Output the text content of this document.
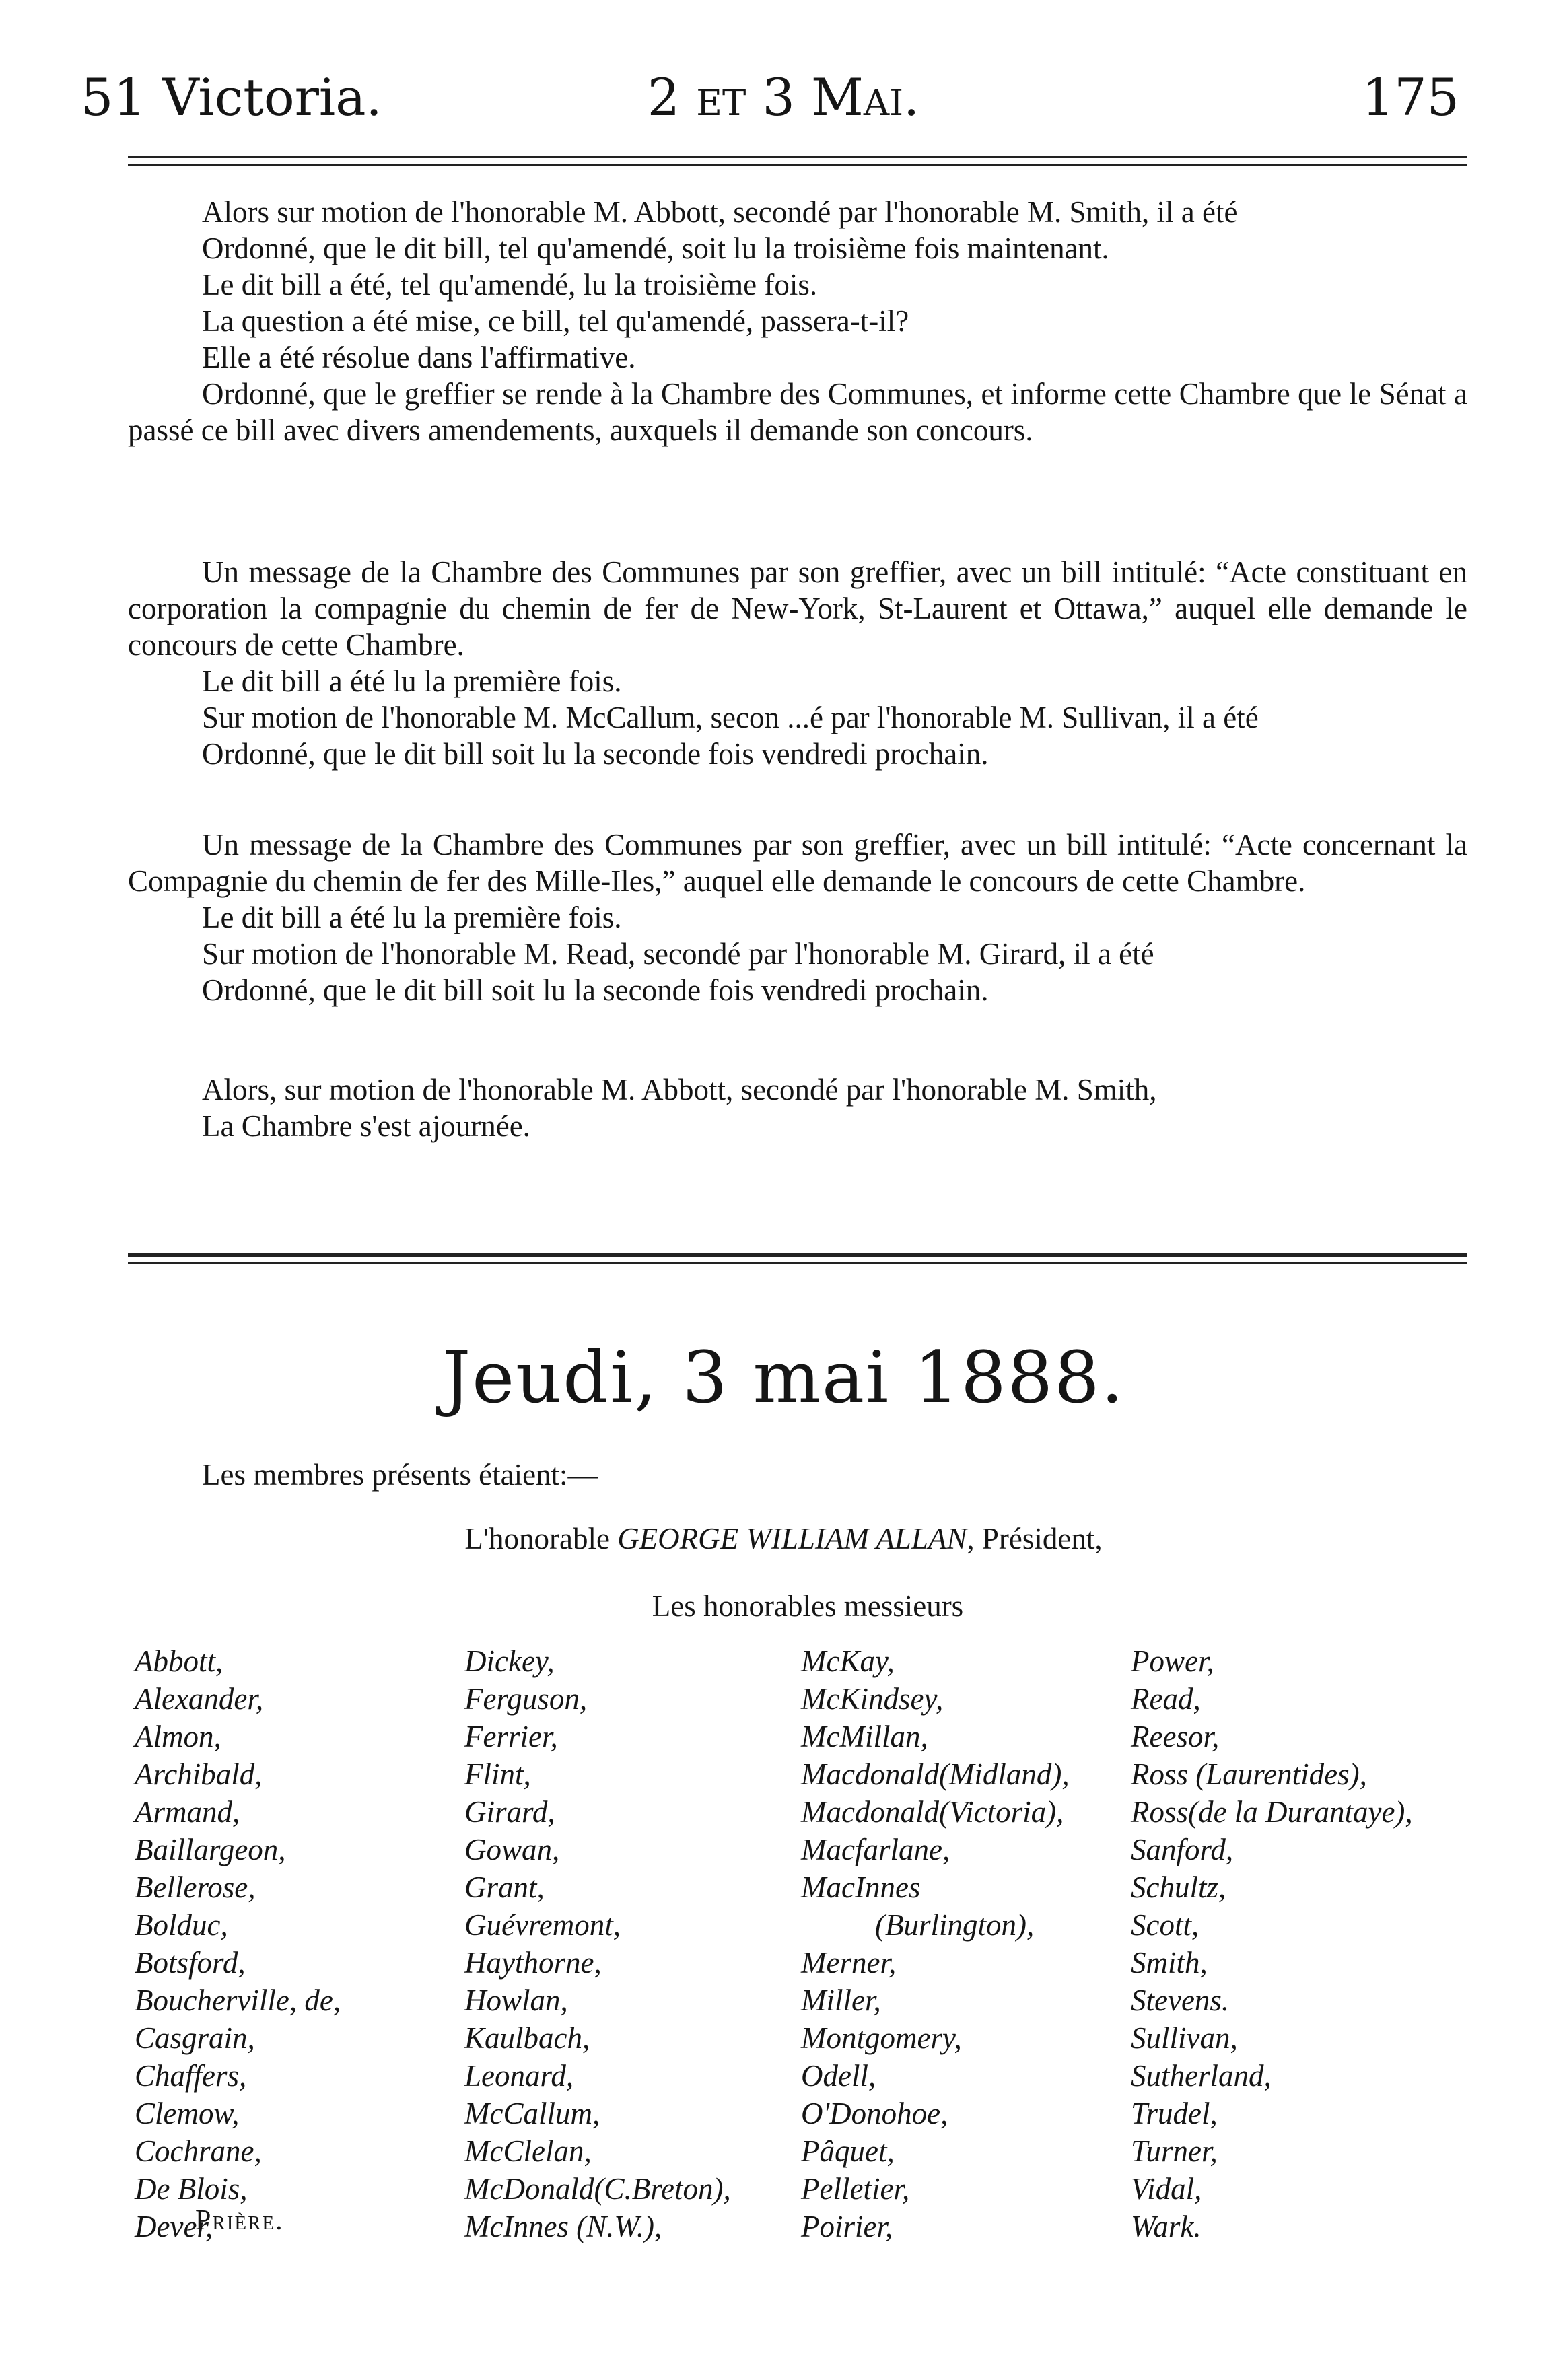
51 Victoria.	2 et 3 Mai.	175

Alors sur motion de l'honorable M. Abbott, secondé par l'honorable M. Smith, il a été

Ordonné, que le dit bill, tel qu'amendé, soit lu la troisième fois maintenant.

Le dit bill a été, tel qu'amendé, lu la troisième fois.

La question a été mise, ce bill, tel qu'amendé, passera-t-il?

Elle a été résolue dans l'affirmative.

Ordonné, que le greffier se rende à la Chambre des Communes, et informe cette Chambre que le Sénat a passé ce bill avec divers amendements, auxquels il demande son concours.

Un message de la Chambre des Communes par son greffier, avec un bill intitulé: “Acte constituant en corporation la compagnie du chemin de fer de New-York, St-Laurent et Ottawa,” auquel elle demande le concours de cette Chambre.

Le dit bill a été lu la première fois.

Sur motion de l'honorable M. McCallum, secon ...é par l'honorable M. Sullivan, il a été

Ordonné, que le dit bill soit lu la seconde fois vendredi prochain.

Un message de la Chambre des Communes par son greffier, avec un bill intitulé: “Acte concernant la Compagnie du chemin de fer des Mille-Iles,” auquel elle demande le concours de cette Chambre.

Le dit bill a été lu la première fois.

Sur motion de l'honorable M. Read, secondé par l'honorable M. Girard, il a été

Ordonné, que le dit bill soit lu la seconde fois vendredi prochain.

Alors, sur motion de l'honorable M. Abbott, secondé par l'honorable M. Smith,

La Chambre s'est ajournée.

Jeudi, 3 mai 1888.
Les membres présents étaient:—
L'honorable GEORGE WILLIAM ALLAN, Président,
Les honorables messieurs
Abbott,
Alexander,
Almon,
Archibald,
Armand,
Baillargeon,
Bellerose,
Bolduc,
Botsford,
Boucherville, de,
Casgrain,
Chaffers,
Clemow,
Cochrane,
De Blois,
Dever,
Dickey,
Ferguson,
Ferrier,
Flint,
Girard,
Gowan,
Grant,
Guévremont,
Haythorne,
Howlan,
Kaulbach,
Leonard,
McCallum,
McClelan,
McDonald(C.Breton),
McInnes (N.W.),
McKay,
McKindsey,
McMillan,
Macdonald(Midland),
Macdonald(Victoria),
Macfarlane,
MacInnes
(Burlington),
Merner,
Miller,
Montgomery,
Odell,
O'Donohoe,
Pâquet,
Pelletier,
Poirier,
Power,
Read,
Reesor,
Ross (Laurentides),
Ross(de la Durantaye),
Sanford,
Schultz,
Scott,
Smith,
Stevens.
Sullivan,
Sutherland,
Trudel,
Turner,
Vidal,
Wark.
Prière.
